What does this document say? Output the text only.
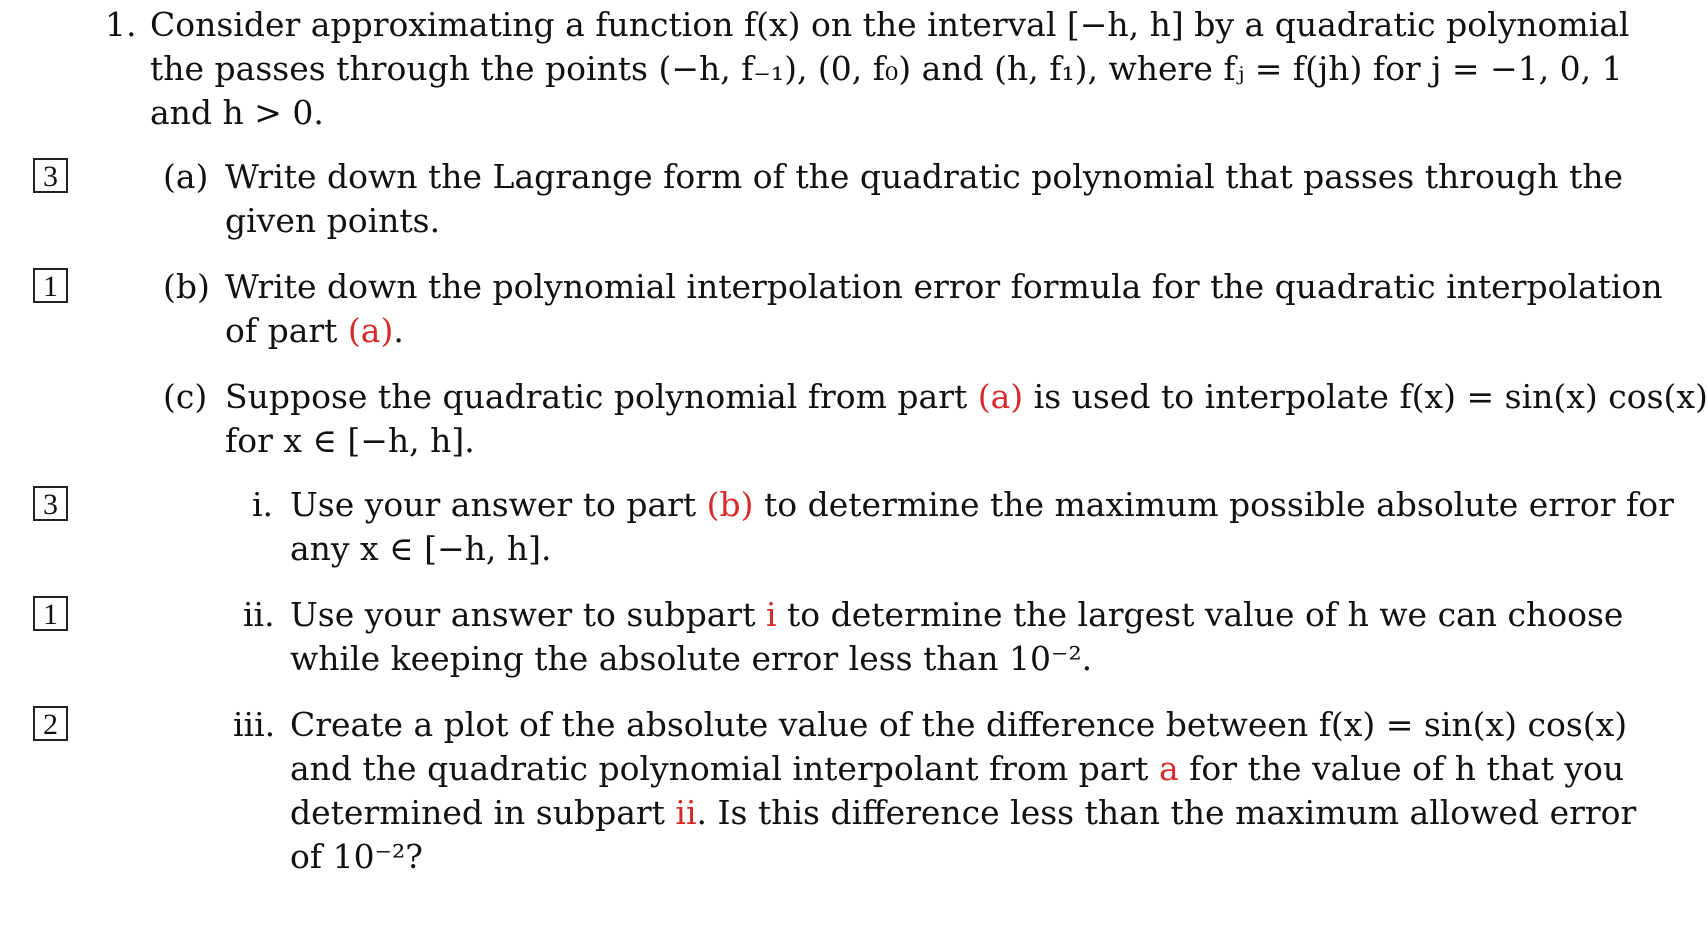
1. Consider approximating a function f(x) on the interval [−h, h] by a quadratic polynomial
the passes through the points (−h, f₋₁), (0, f₀) and (h, f₁), where fⱼ = f(jh) for j = −1, 0, 1
and h > 0.
3	(a) Write down the Lagrange form of the quadratic polynomial that passes through the
given points.
1	(b) Write down the polynomial interpolation error formula for the quadratic interpolation
of part (a).
(c) Suppose the quadratic polynomial from part (a) is used to interpolate f(x) = sin(x) cos(x)
for x ∈ [−h, h].
3	i. Use your answer to part (b) to determine the maximum possible absolute error for
any x ∈ [−h, h].
1	ii. Use your answer to subpart i to determine the largest value of h we can choose
while keeping the absolute error less than 10⁻².
2	iii. Create a plot of the absolute value of the difference between f(x) = sin(x) cos(x)
and the quadratic polynomial interpolant from part a for the value of h that you
determined in subpart ii. Is this difference less than the maximum allowed error
of 10⁻²?
